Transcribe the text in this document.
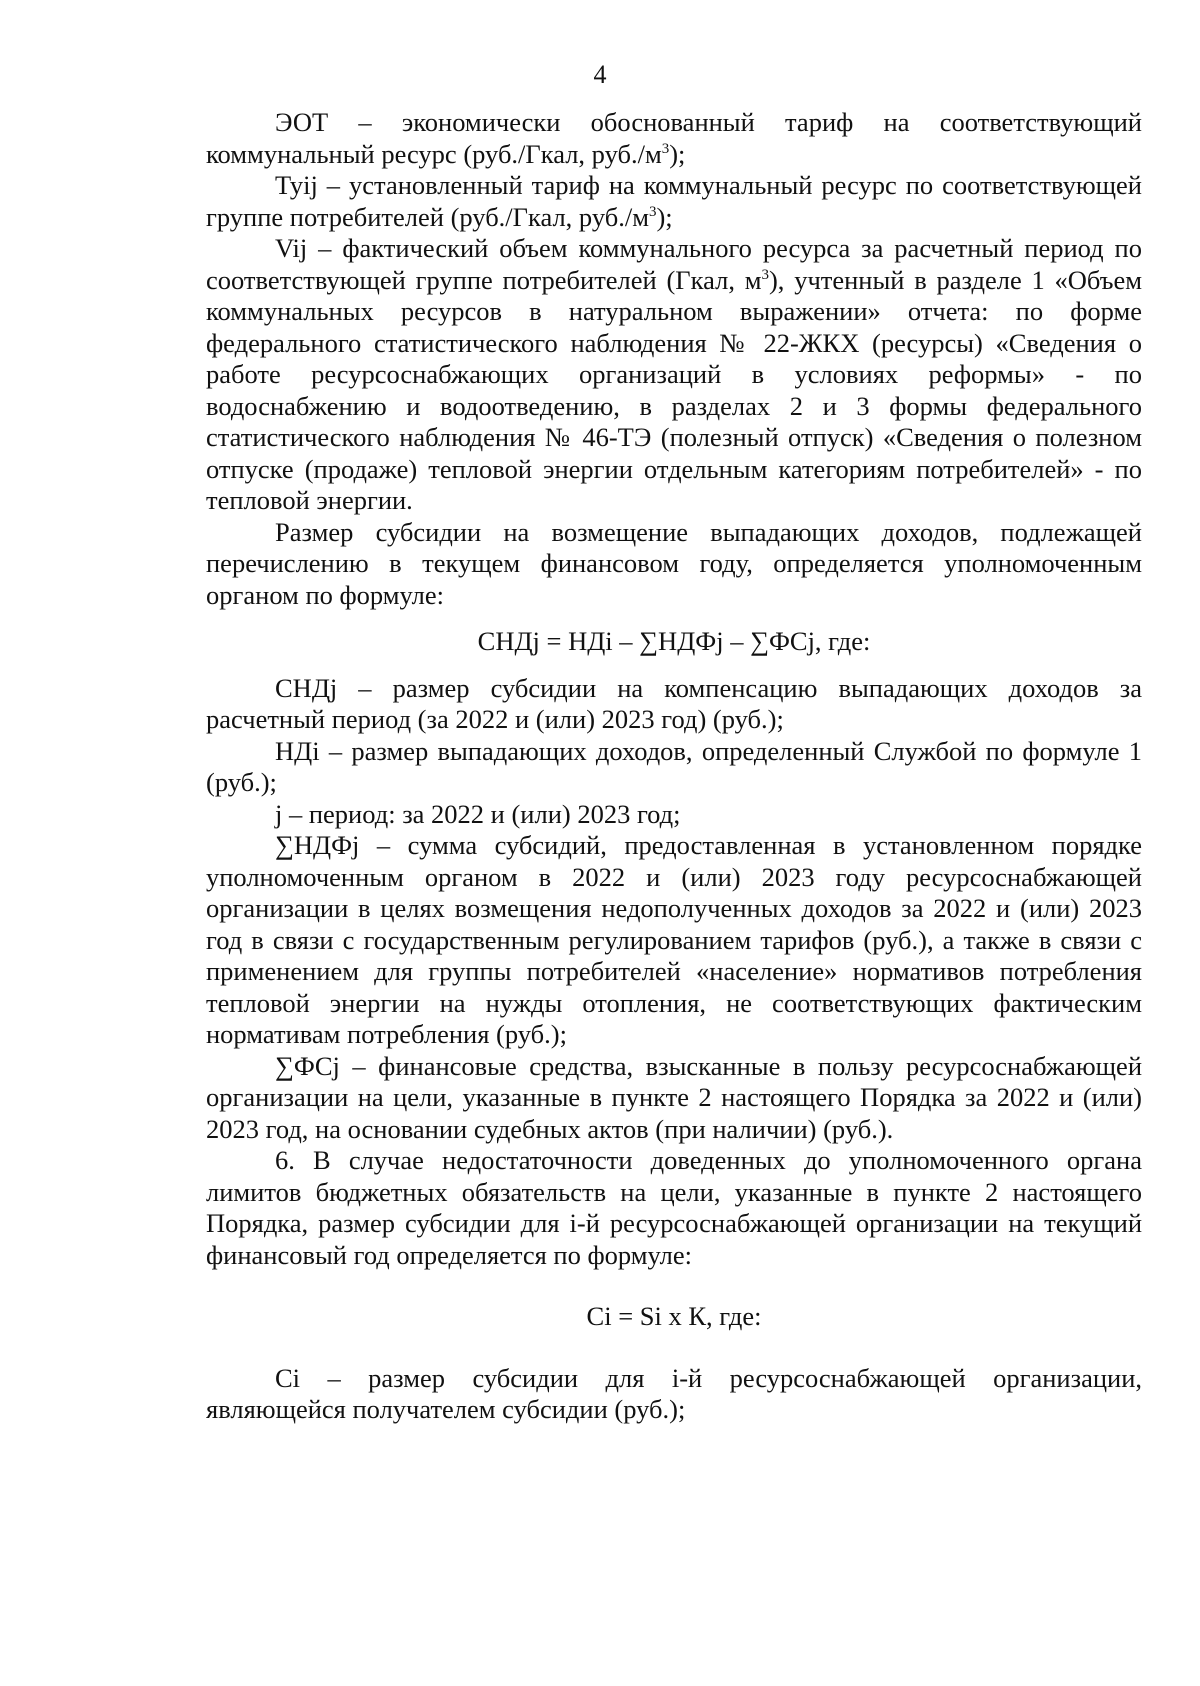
4

ЭОТ – экономически обоснованный тариф на соответствующий коммунальный ресурс (руб./Гкал, $руб./м^3$);

Туij – установленный тариф на коммунальный ресурс по соответствующей группе потребителей (руб./Гкал, $руб./м^3$);

Vij – фактический объем коммунального ресурса за расчетный период по соответствующей группе потребителей (Гкал, $м^3$), учтенный в разделе 1 «Объем коммунальных ресурсов в натуральном выражении» отчета: по форме федерального статистического наблюдения № 22-ЖКХ (ресурсы) «Сведения о работе ресурсоснабжающих организаций в условиях реформы» - по водоснабжению и водоотведению, в разделах 2 и 3 формы федерального статистического наблюдения № 46-ТЭ (полезный отпуск) «Сведения о полезном отпуске (продаже) тепловой энергии отдельным категориям потребителей» - по тепловой энергии.

Размер субсидии на возмещение выпадающих доходов, подлежащей перечислению в текущем финансовом году, определяется уполномоченным органом по формуле:

СНДj = НДi – ∑НДФj – ∑ФСj, где:

СНДj – размер субсидии на компенсацию выпадающих доходов за расчетный период (за 2022 и (или) 2023 год) (руб.);

НДi – размер выпадающих доходов, определенный Службой по формуле 1 (руб.);

j – период: за 2022 и (или) 2023 год;

∑НДФj – сумма субсидий, предоставленная в установленном порядке уполномоченным органом в 2022 и (или) 2023 году ресурсоснабжающей организации в целях возмещения недополученных доходов за 2022 и (или) 2023 год в связи с государственным регулированием тарифов (руб.), а также в связи с применением для группы потребителей «население» нормативов потребления тепловой энергии на нужды отопления, не соответствующих фактическим нормативам потребления (руб.);

∑ФСj – финансовые средства, взысканные в пользу ресурсоснабжающей организации на цели, указанные в пункте 2 настоящего Порядка за 2022 и (или) 2023 год, на основании судебных актов (при наличии) (руб.).

6. В случае недостаточности доведенных до уполномоченного органа лимитов бюджетных обязательств на цели, указанные в пункте 2 настоящего Порядка, размер субсидии для i-й ресурсоснабжающей организации на текущий финансовый год определяется по формуле:

Ci = Si x К, где:

Ci – размер субсидии для i-й ресурсоснабжающей организации, являющейся получателем субсидии (руб.);
